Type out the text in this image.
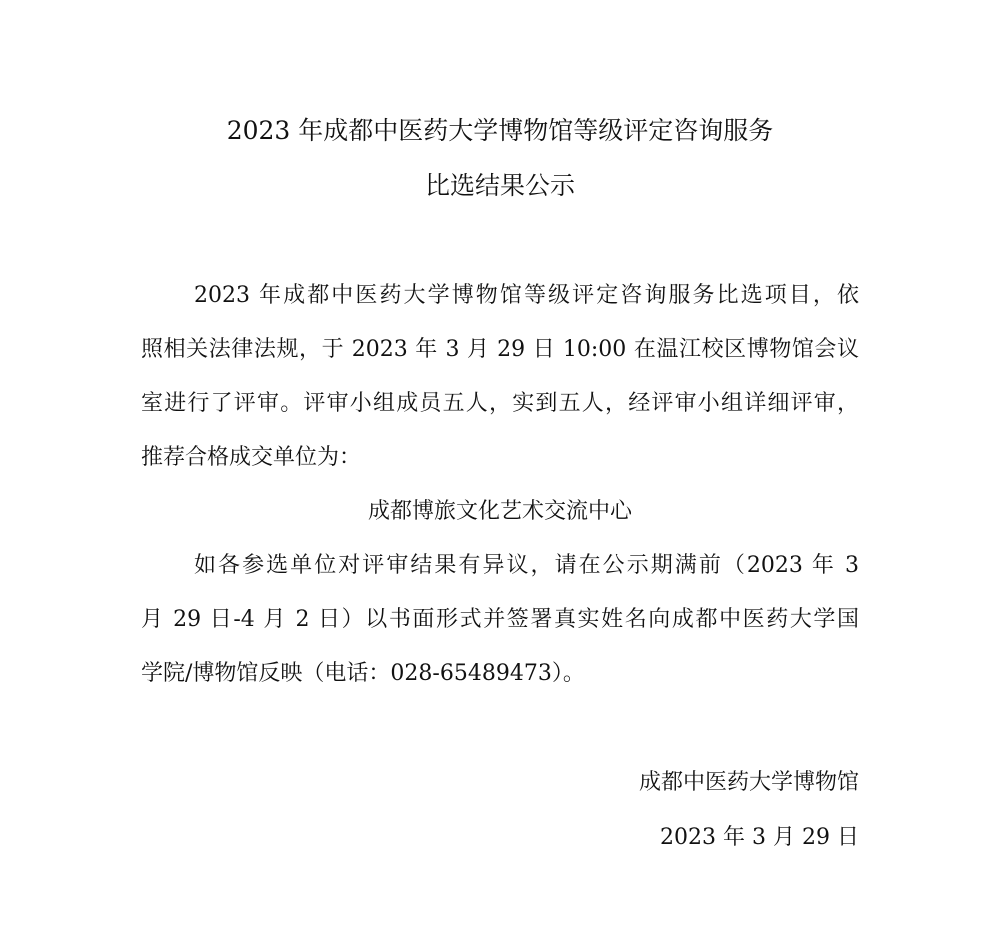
2023 年成都中医药大学博物馆等级评定咨询服务
比选结果公示
2023 年成都中医药大学博物馆等级评定咨询服务比选项目，依
照相关法律法规，于 2023 年 3 月 29 日 10:00 在温江校区博物馆会议
室进行了评审。评审小组成员五人，实到五人，经评审小组详细评审，
推荐合格成交单位为：
成都博旅文化艺术交流中心
如各参选单位对评审结果有异议，请在公示期满前（2023 年 3
月 29 日-4 月 2 日）以书面形式并签署真实姓名向成都中医药大学国
学院/博物馆反映（电话：028-65489473）。
成都中医药大学博物馆
2023 年 3 月 29 日
